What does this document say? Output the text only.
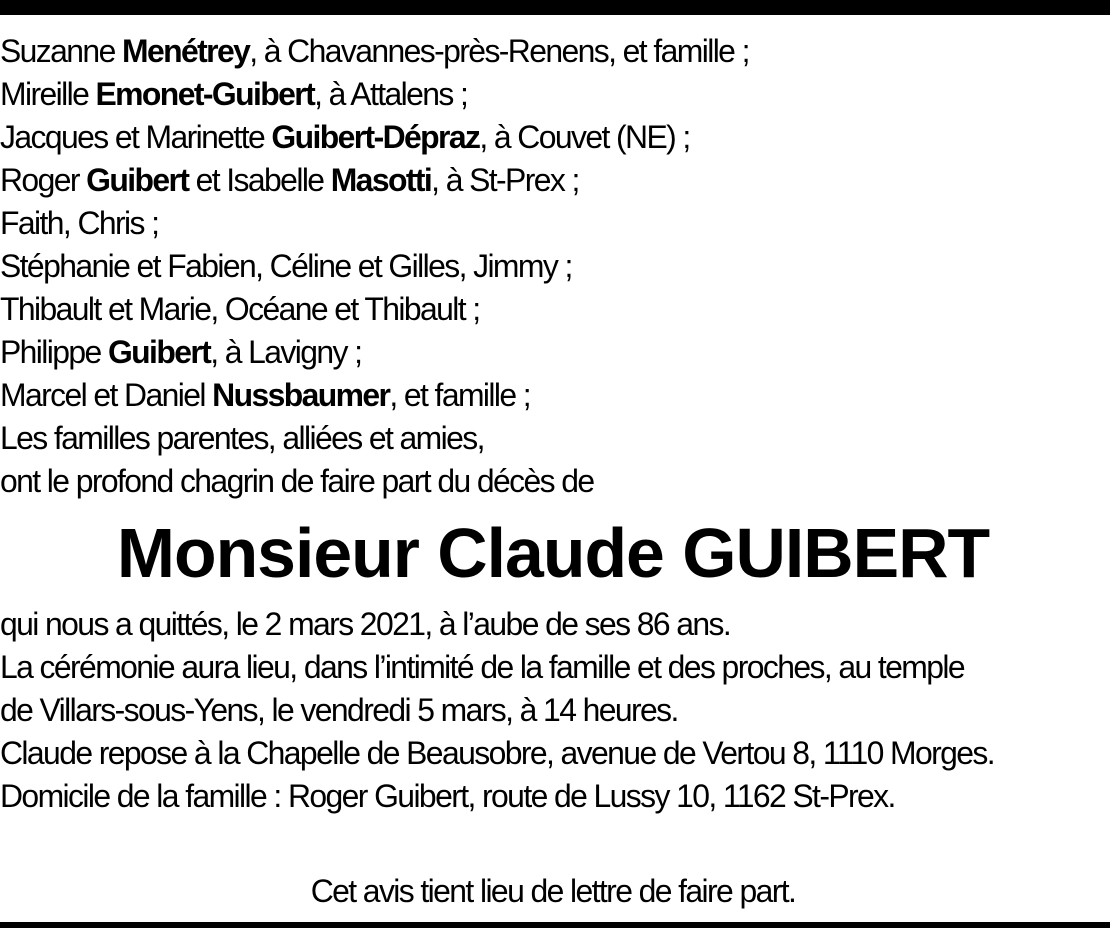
Suzanne Menétrey, à Chavannes-près-Renens, et famille ;
Mireille Emonet-Guibert, à Attalens ;
Jacques et Marinette Guibert-Dépraz, à Couvet (NE) ;
Roger Guibert et Isabelle Masotti, à St-Prex ;
Faith, Chris ;
Stéphanie et Fabien, Céline et Gilles, Jimmy ;
Thibault et Marie, Océane et Thibault ;
Philippe Guibert, à Lavigny ;
Marcel et Daniel Nussbaumer, et famille ;
Les familles parentes, alliées et amies,
ont le profond chagrin de faire part du décès de
Monsieur Claude GUIBERT
qui nous a quittés, le 2 mars 2021, à l’aube de ses 86 ans.
La cérémonie aura lieu, dans l’intimité de la famille et des proches, au temple
de Villars-sous-Yens, le vendredi 5 mars, à 14 heures.
Claude repose à la Chapelle de Beausobre, avenue de Vertou 8, 1110 Morges.
Domicile de la famille : Roger Guibert, route de Lussy 10, 1162 St-Prex.
Cet avis tient lieu de lettre de faire part.
